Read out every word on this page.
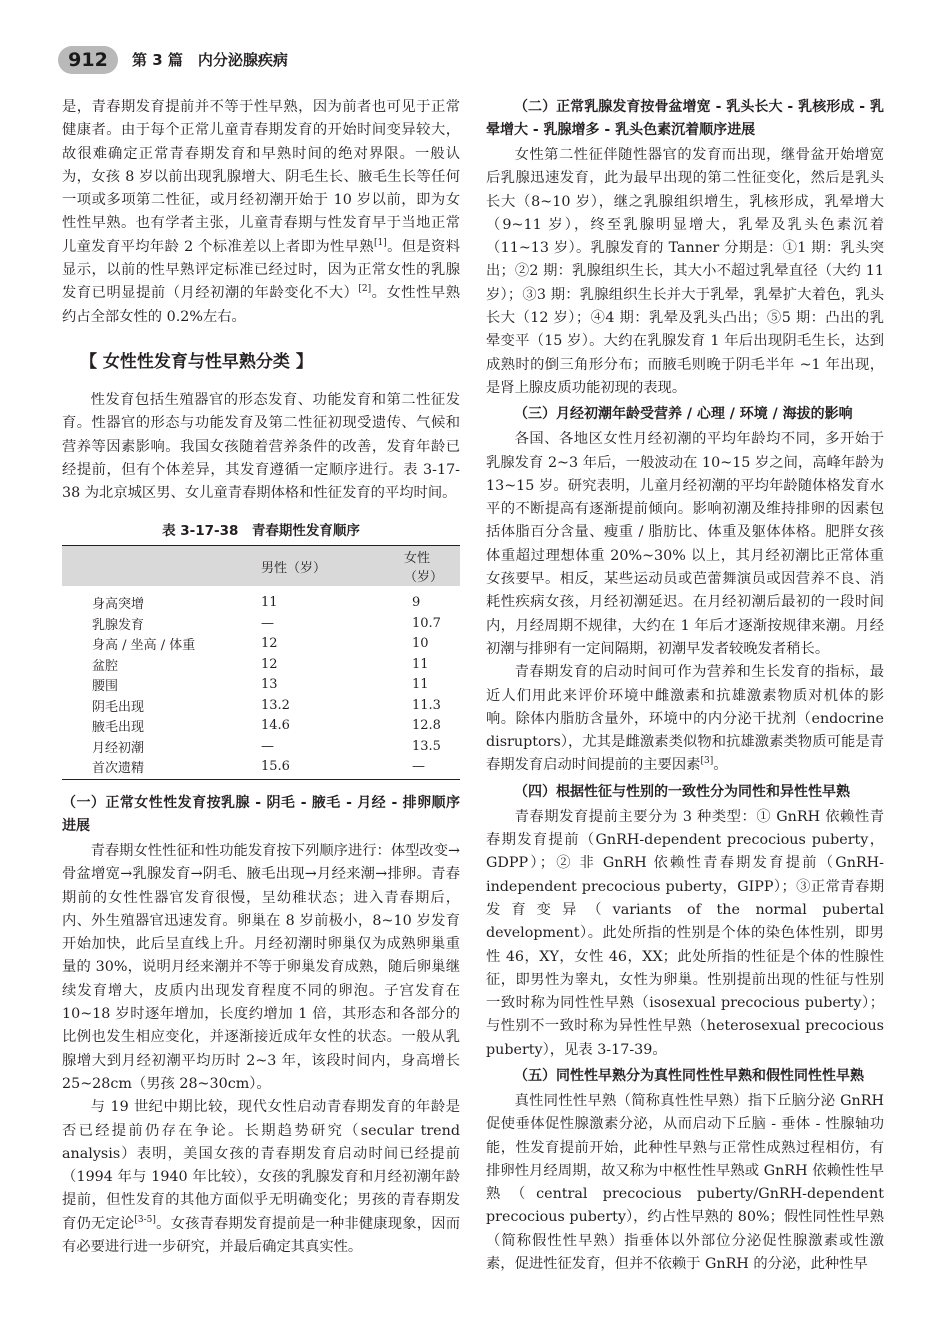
912	第 3 篇　内分泌腺疾病

是，青春期发育提前并不等于性早熟，因为前者也可见于正常健康者。由于每个正常儿童青春期发育的开始时间变异较大，故很难确定正常青春期发育和早熟时间的绝对界限。一般认为，女孩 8 岁以前出现乳腺增大、阴毛生长、腋毛生长等任何一项或多项第二性征，或月经初潮开始于 10 岁以前，即为女性性早熟。也有学者主张，儿童青春期与性发育早于当地正常儿童发育平均年龄 2 个标准差以上者即为性早熟[1]。但是资料显示，以前的性早熟评定标准已经过时，因为正常女性的乳腺发育已明显提前（月经初潮的年龄变化不大）[2]。女性性早熟约占全部女性的 0.2%左右。

【 女性性发育与性早熟分类 】

性发育包括生殖器官的形态发育、功能发育和第二性征发育。性器官的形态与功能发育及第二性征初现受遗传、气候和营养等因素影响。我国女孩随着营养条件的改善，发育年龄已经提前，但有个体差异，其发育遵循一定顺序进行。表 3-17-38 为北京城区男、女儿童青春期体格和性征发育的平均时间。

表 3-17-38　青春期性发育顺序
	男性（岁）	女性（岁）
身高突增	11	9
乳腺发育	—	10.7
身高 / 坐高 / 体重	12	10
盆腔	12	11
腰围	13	11
阴毛出现	13.2	11.3
腋毛出现	14.6	12.8
月经初潮	—	13.5
首次遗精	15.6	—
（一）正常女性性发育按乳腺 - 阴毛 - 腋毛 - 月经 - 排卵顺序进展

青春期女性性征和性功能发育按下列顺序进行：体型改变→骨盆增宽→乳腺发育→阴毛、腋毛出现→月经来潮→排卵。青春期前的女性性器官发育很慢，呈幼稚状态；进入青春期后，内、外生殖器官迅速发育。卵巢在 8 岁前极小，8~10 岁发育开始加快，此后呈直线上升。月经初潮时卵巢仅为成熟卵巢重量的 30%，说明月经来潮并不等于卵巢发育成熟，随后卵巢继续发育增大，皮质内出现发育程度不同的卵泡。子宫发育在 10~18 岁时逐年增加，长度约增加 1 倍，其形态和各部分的比例也发生相应变化，并逐渐接近成年女性的状态。一般从乳腺增大到月经初潮平均历时 2~3 年，该段时间内，身高增长 25~28cm（男孩 28~30cm）。

与 19 世纪中期比较，现代女性启动青春期发育的年龄是否已经提前仍存在争论。长期趋势研究（secular trend analysis）表明，美国女孩的青春期发育启动时间已经提前（1994 年与 1940 年比较），女孩的乳腺发育和月经初潮年龄提前，但性发育的其他方面似乎无明确变化；男孩的青春期发育仍无定论[3-5]。女孩青春期发育提前是一种非健康现象，因而有必要进行进一步研究，并最后确定其真实性。

（二）正常乳腺发育按骨盆增宽 - 乳头长大 - 乳核形成 - 乳晕增大 - 乳腺增多 - 乳头色素沉着顺序进展

女性第二性征伴随性器官的发育而出现，继骨盆开始增宽后乳腺迅速发育，此为最早出现的第二性征变化，然后是乳头长大（8~10 岁），继之乳腺组织增生，乳核形成，乳晕增大（9~11 岁），终至乳腺明显增大，乳晕及乳头色素沉着（11~13 岁）。乳腺发育的 Tanner 分期是：①1 期：乳头突出；②2 期：乳腺组织生长，其大小不超过乳晕直径（大约 11 岁）；③3 期：乳腺组织生长并大于乳晕，乳晕扩大着色，乳头长大（12 岁）；④4 期：乳晕及乳头凸出；⑤5 期：凸出的乳晕变平（15 岁）。大约在乳腺发育 1 年后出现阴毛生长，达到成熟时的倒三角形分布；而腋毛则晚于阴毛半年 ~1 年出现，是肾上腺皮质功能初现的表现。

（三）月经初潮年龄受营养 / 心理 / 环境 / 海拔的影响

各国、各地区女性月经初潮的平均年龄均不同，多开始于乳腺发育 2~3 年后，一般波动在 10~15 岁之间，高峰年龄为 13~15 岁。研究表明，儿童月经初潮的平均年龄随体格发育水平的不断提高有逐渐提前倾向。影响初潮及维持排卵的因素包括体脂百分含量、瘦重 / 脂肪比、体重及躯体体格。肥胖女孩体重超过理想体重 20%~30% 以上，其月经初潮比正常体重女孩要早。相反，某些运动员或芭蕾舞演员或因营养不良、消耗性疾病女孩，月经初潮延迟。在月经初潮后最初的一段时间内，月经周期不规律，大约在 1 年后才逐渐按规律来潮。月经初潮与排卵有一定间隔期，初潮早发者较晚发者稍长。

青春期发育的启动时间可作为营养和生长发育的指标，最近人们用此来评价环境中雌激素和抗雄激素物质对机体的影响。除体内脂肪含量外，环境中的内分泌干扰剂（endocrine disruptors），尤其是雌激素类似物和抗雄激素类物质可能是青春期发育启动时间提前的主要因素[3]。

（四）根据性征与性别的一致性分为同性和异性性早熟

青春期发育提前主要分为 3 种类型：① GnRH 依赖性青春期发育提前（GnRH-dependent precocious puberty，GDPP）；② 非 GnRH 依赖性青春期发育提前（GnRH-independent precocious puberty，GIPP）；③正常青春期发育变异（variants of the normal pubertal development）。此处所指的性别是个体的染色体性别，即男性 46，XY，女性 46，XX；此处所指的性征是个体的性腺性征，即男性为睾丸，女性为卵巢。性别提前出现的性征与性别一致时称为同性性早熟（isosexual precocious puberty）；与性别不一致时称为异性性早熟（heterosexual precocious puberty），见表 3-17-39。

（五）同性性早熟分为真性同性性早熟和假性同性性早熟

真性同性性早熟（简称真性性早熟）指下丘脑分泌 GnRH 促使垂体促性腺激素分泌，从而启动下丘脑 - 垂体 - 性腺轴功能，性发育提前开始，此种性早熟与正常性成熟过程相仿，有排卵性月经周期，故又称为中枢性性早熟或 GnRH 依赖性性早熟（central precocious puberty/GnRH-dependent precocious puberty），约占性早熟的 80%；假性同性性早熟（简称假性性早熟）指垂体以外部位分泌促性腺激素或性激素，促进性征发育，但并不依赖于 GnRH 的分泌，此种性早
